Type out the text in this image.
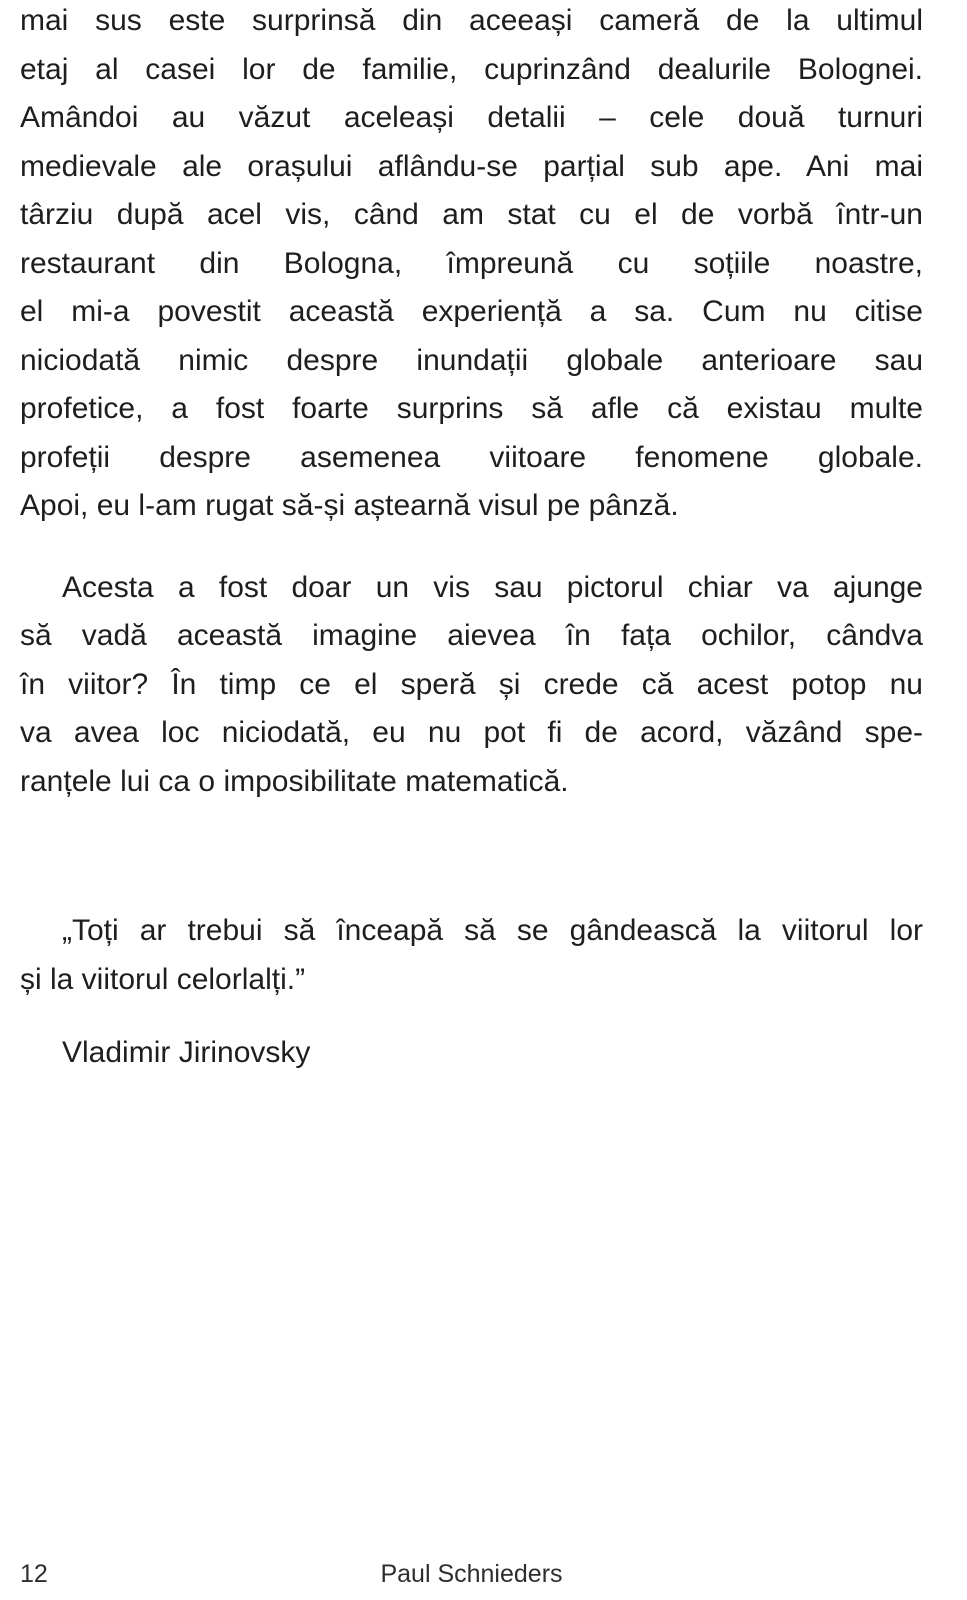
mai sus este surprinsă din aceeași cameră de la ultimul
etaj al casei lor de familie, cuprinzând dealurile Bolognei.
Amândoi au văzut aceleași detalii – cele două turnuri
medievale ale orașului aflându-se parțial sub ape. Ani mai
târziu după acel vis, când am stat cu el de vorbă într-un
restaurant din Bologna, împreună cu soțiile noastre,
el mi-a povestit această experiență a sa. Cum nu citise
niciodată nimic despre inundații globale anterioare sau
profetice, a fost foarte surprins să afle că existau multe
profeții despre asemenea viitoare fenomene globale.
Apoi, eu l-am rugat să-și aștearnă visul pe pânză.
Acesta a fost doar un vis sau pictorul chiar va ajunge
să vadă această imagine aievea în fața ochilor, cândva
în viitor? În timp ce el speră și crede că acest potop nu
va avea loc niciodată, eu nu pot fi de acord, văzând spe-
ranțele lui ca o imposibilitate matematică.
„Toți ar trebui să înceapă să se gândească la viitorul lor
și la viitorul celorlalți.”
Vladimir Jirinovsky
12	Paul Schnieders
